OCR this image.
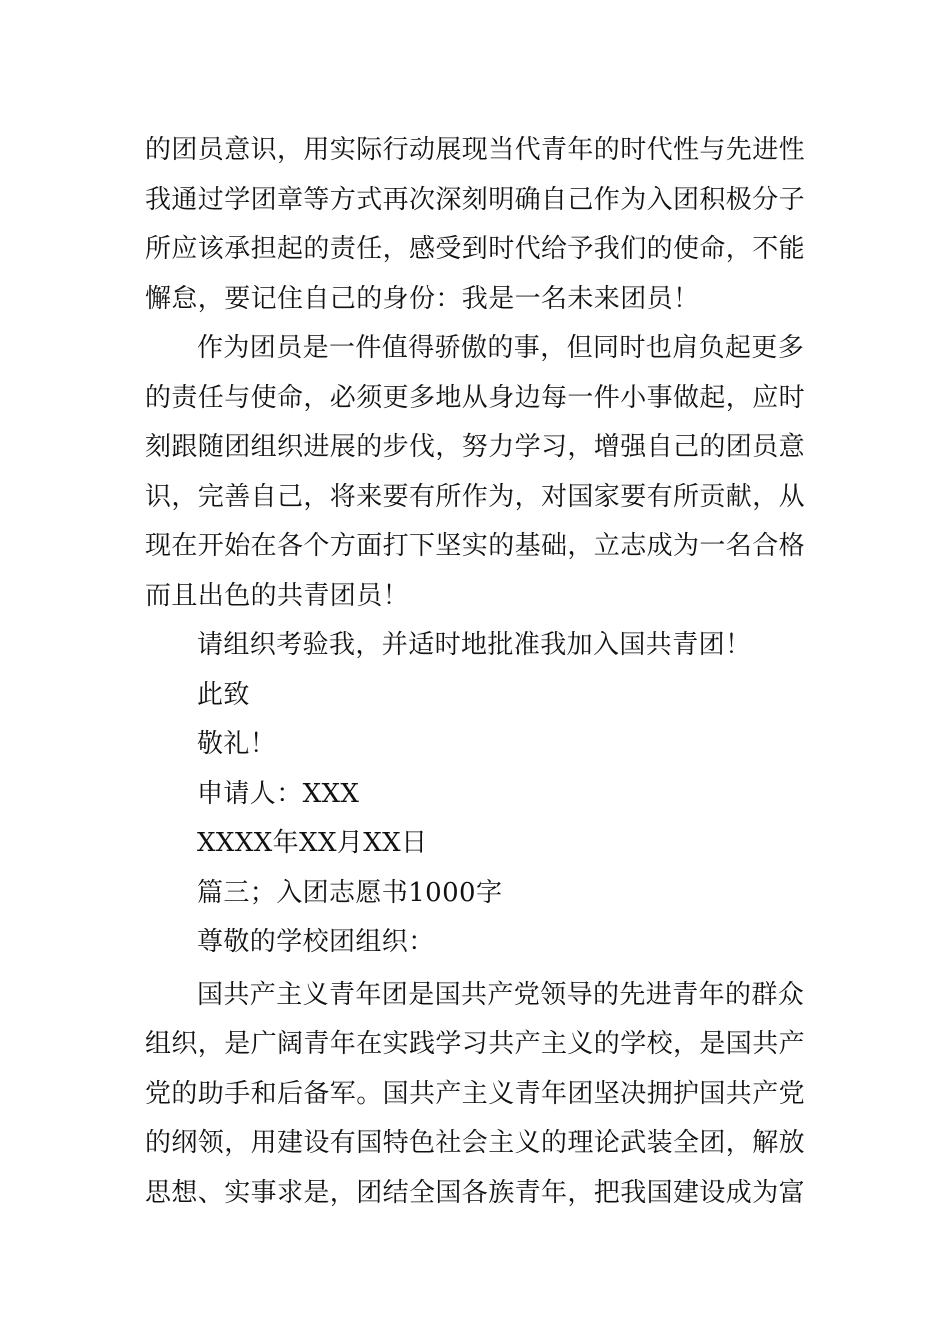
的团员意识，用实际行动展现当代青年的时代性与先进性
我通过学团章等方式再次深刻明确自己作为入团积极分子
所应该承担起的责任，感受到时代给予我们的使命，不能
懈怠，要记住自己的身份：我是一名未来团员！
作为团员是一件值得骄傲的事，但同时也肩负起更多
的责任与使命，必须更多地从身边每一件小事做起，应时
刻跟随团组织进展的步伐，努力学习，增强自己的团员意
识，完善自己，将来要有所作为，对国家要有所贡献，从
现在开始在各个方面打下坚实的基础，立志成为一名合格
而且出色的共青团员！
请组织考验我，并适时地批准我加入国共青团！
此致
敬礼！
申请人：XXX
XXXX年XX月XX日
篇三；入团志愿书1000字
尊敬的学校团组织：
国共产主义青年团是国共产党领导的先进青年的群众
组织，是广阔青年在实践学习共产主义的学校，是国共产
党的助手和后备军。国共产主义青年团坚决拥护国共产党
的纲领，用建设有国特色社会主义的理论武装全团，解放
思想、实事求是，团结全国各族青年，把我国建设成为富
